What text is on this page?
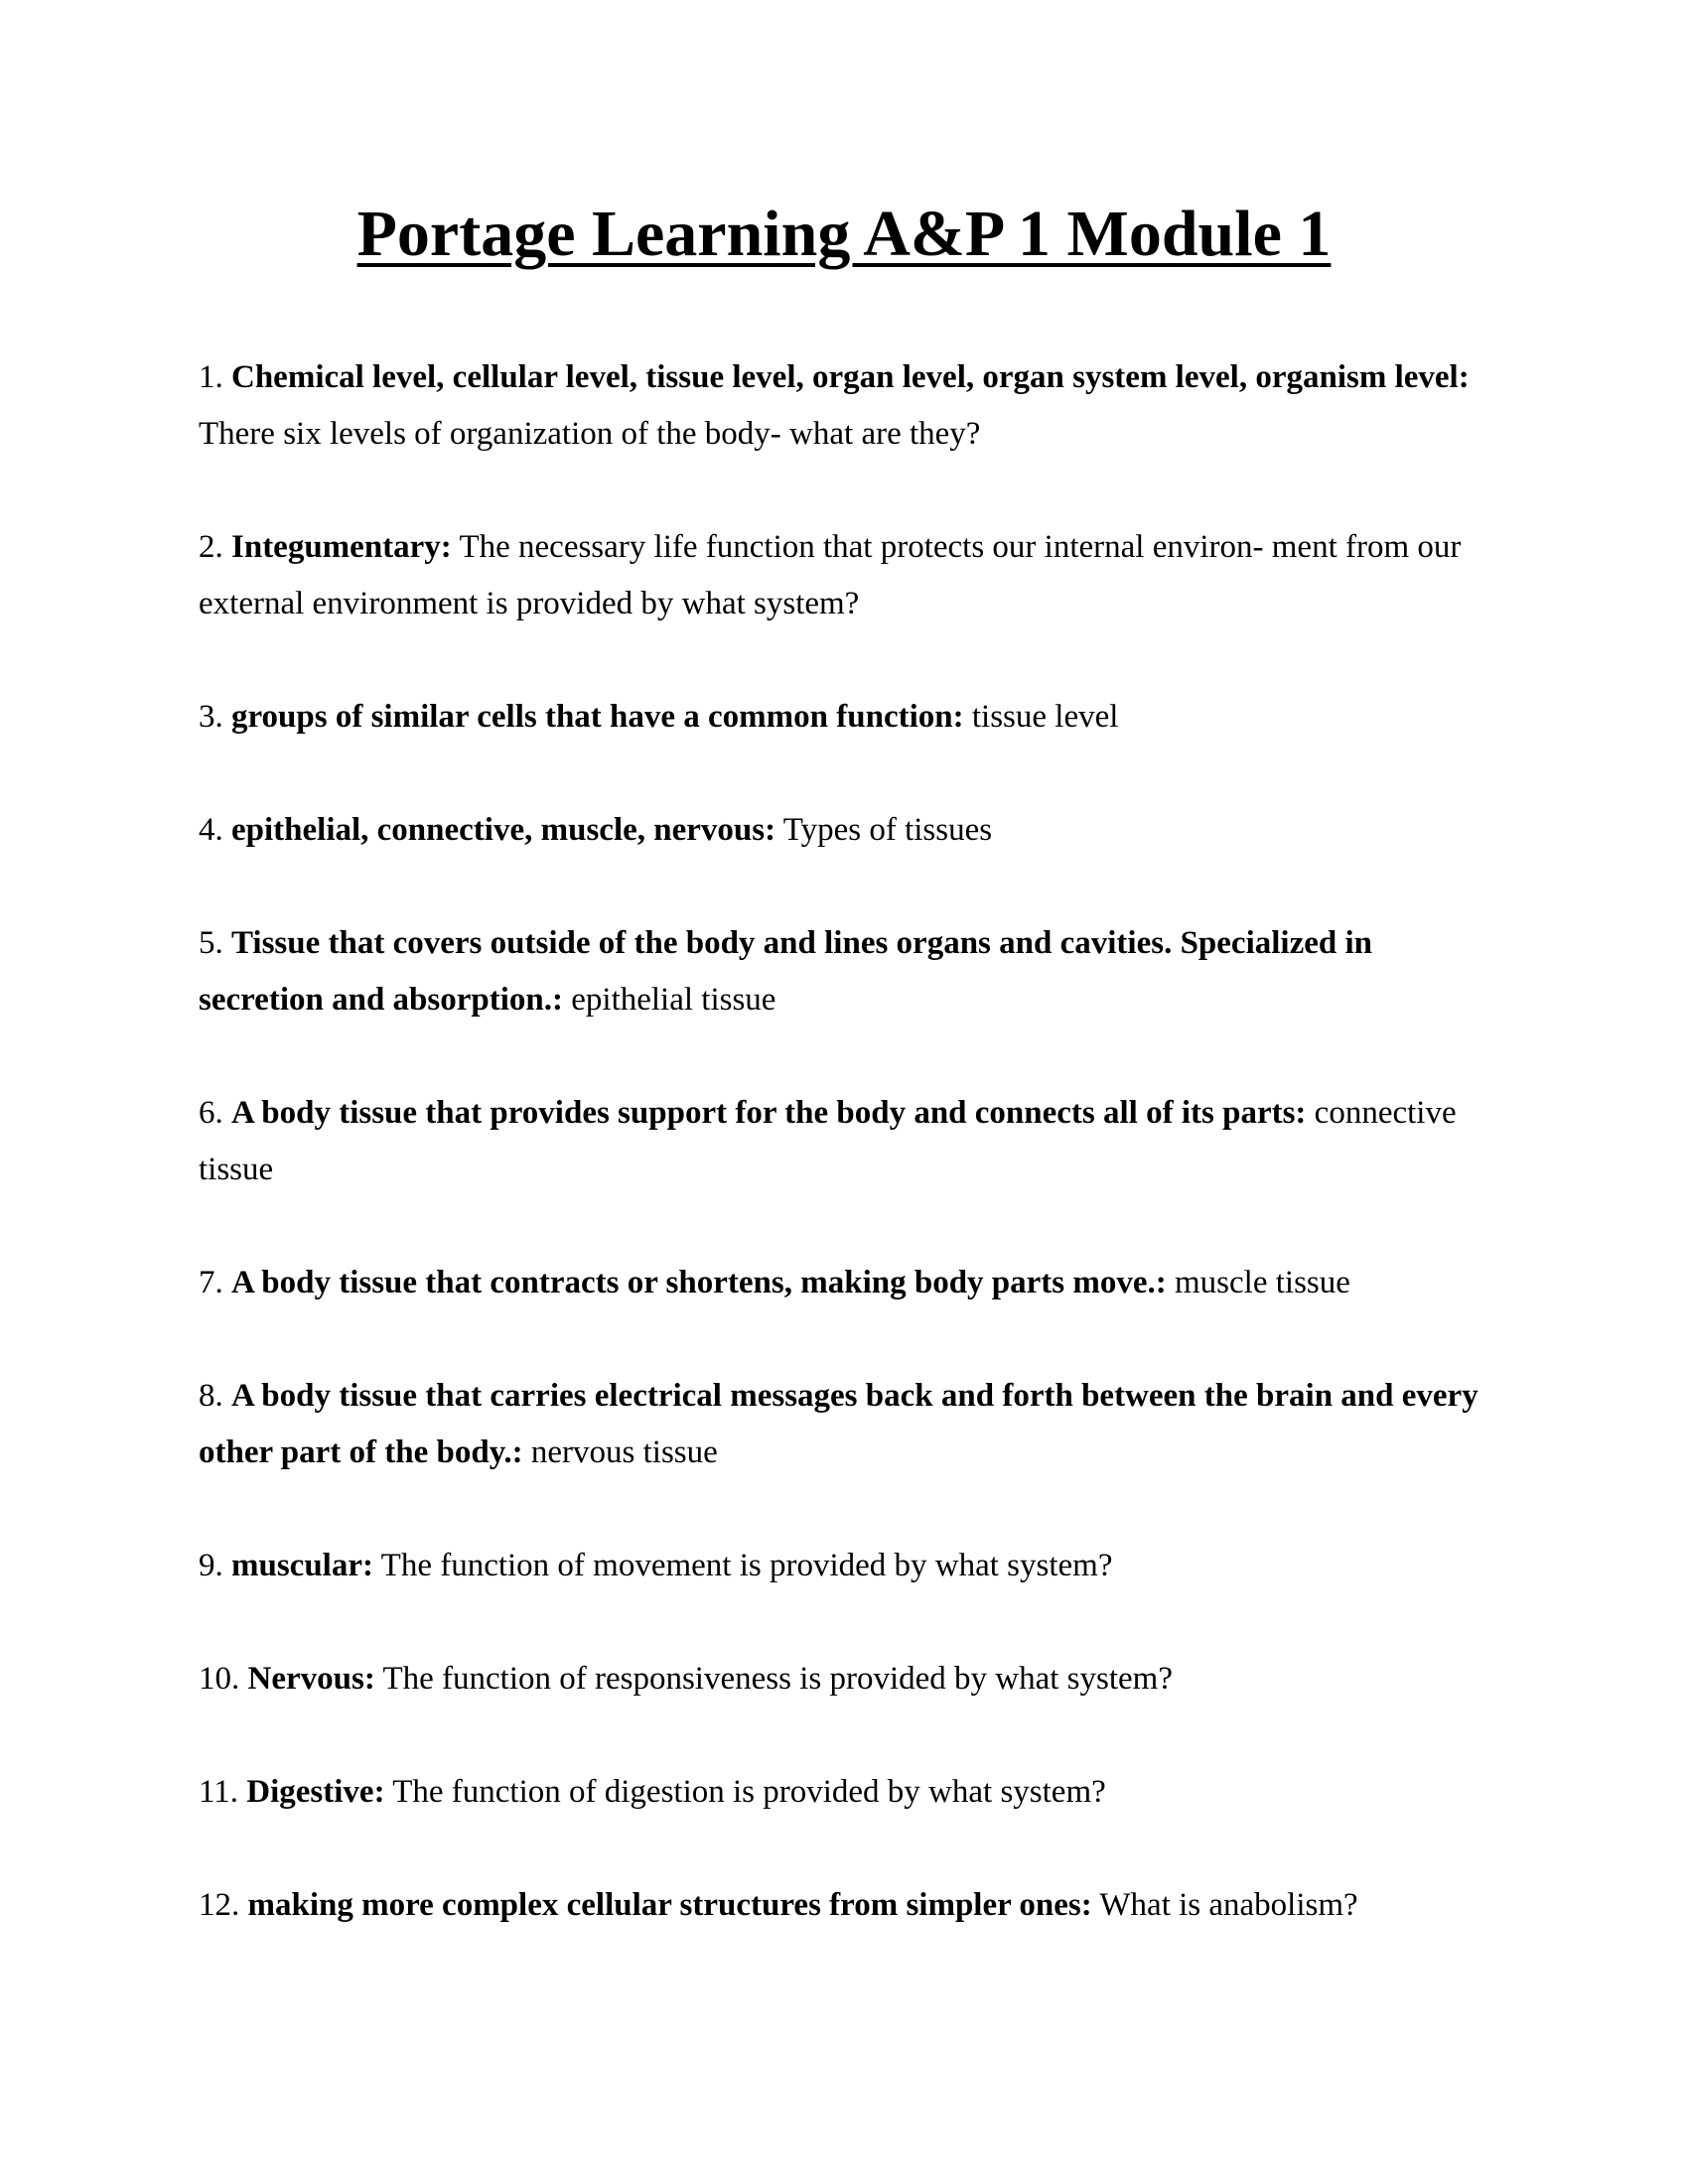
Portage Learning A&P 1 Module 1

1. Chemical level, cellular level, tissue level, organ level, organ system level, organism level: There six levels of organization of the body- what are they?

2. Integumentary: The necessary life function that protects our internal environ- ment from our external environment is provided by what system?

3. groups of similar cells that have a common function: tissue level

4. epithelial, connective, muscle, nervous: Types of tissues

5. Tissue that covers outside of the body and lines organs and cavities. Specialized in secretion and absorption.: epithelial tissue

6. A body tissue that provides support for the body and connects all of its parts: connective tissue

7. A body tissue that contracts or shortens, making body parts move.: muscle tissue

8. A body tissue that carries electrical messages back and forth between the brain and every other part of the body.: nervous tissue

9. muscular: The function of movement is provided by what system?

10. Nervous: The function of responsiveness is provided by what system?

11. Digestive: The function of digestion is provided by what system?

12. making more complex cellular structures from simpler ones: What is anabolism?
